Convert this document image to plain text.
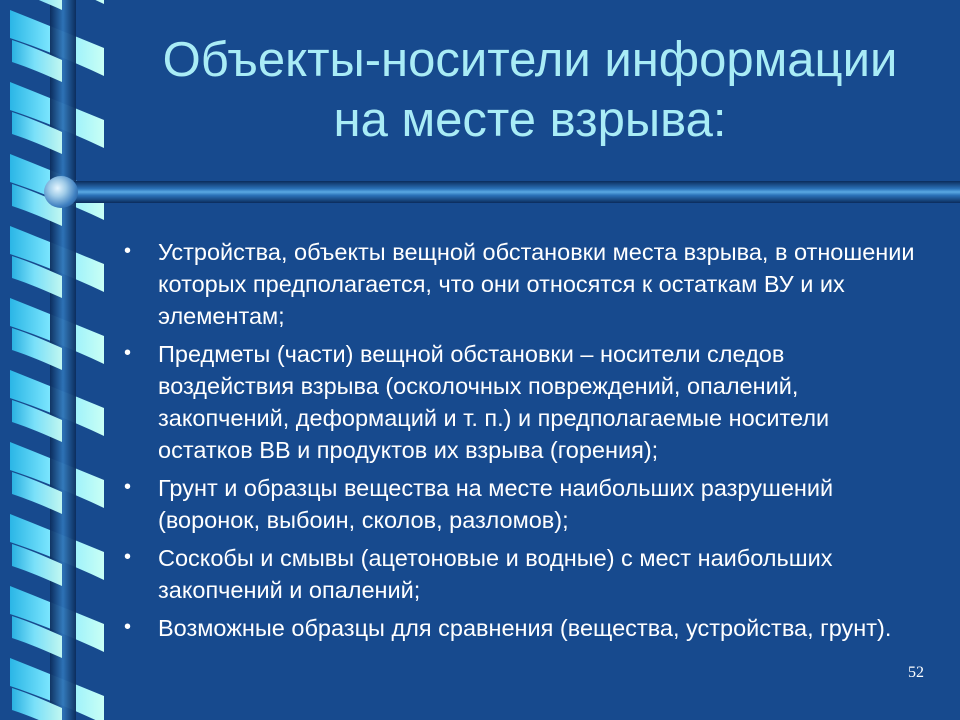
Объекты-носители информации
на месте взрыва:
• Устройства, объекты вещной обстановки места взрыва, в отношении которых предполагается, что они относятся к остаткам ВУ и их элементам;
• Предметы (части) вещной обстановки – носители следов воздействия взрыва (осколочных повреждений, опалений, закопчений, деформаций и т. п.) и предполагаемые носители остатков ВВ и продуктов их взрыва (горения);
• Грунт и образцы вещества на месте наибольших разрушений (воронок, выбоин, сколов, разломов);
• Соскобы и смывы (ацетоновые и водные) с мест наибольших закопчений и опалений;
• Возможные образцы для сравнения (вещества, устройства, грунт).
52
